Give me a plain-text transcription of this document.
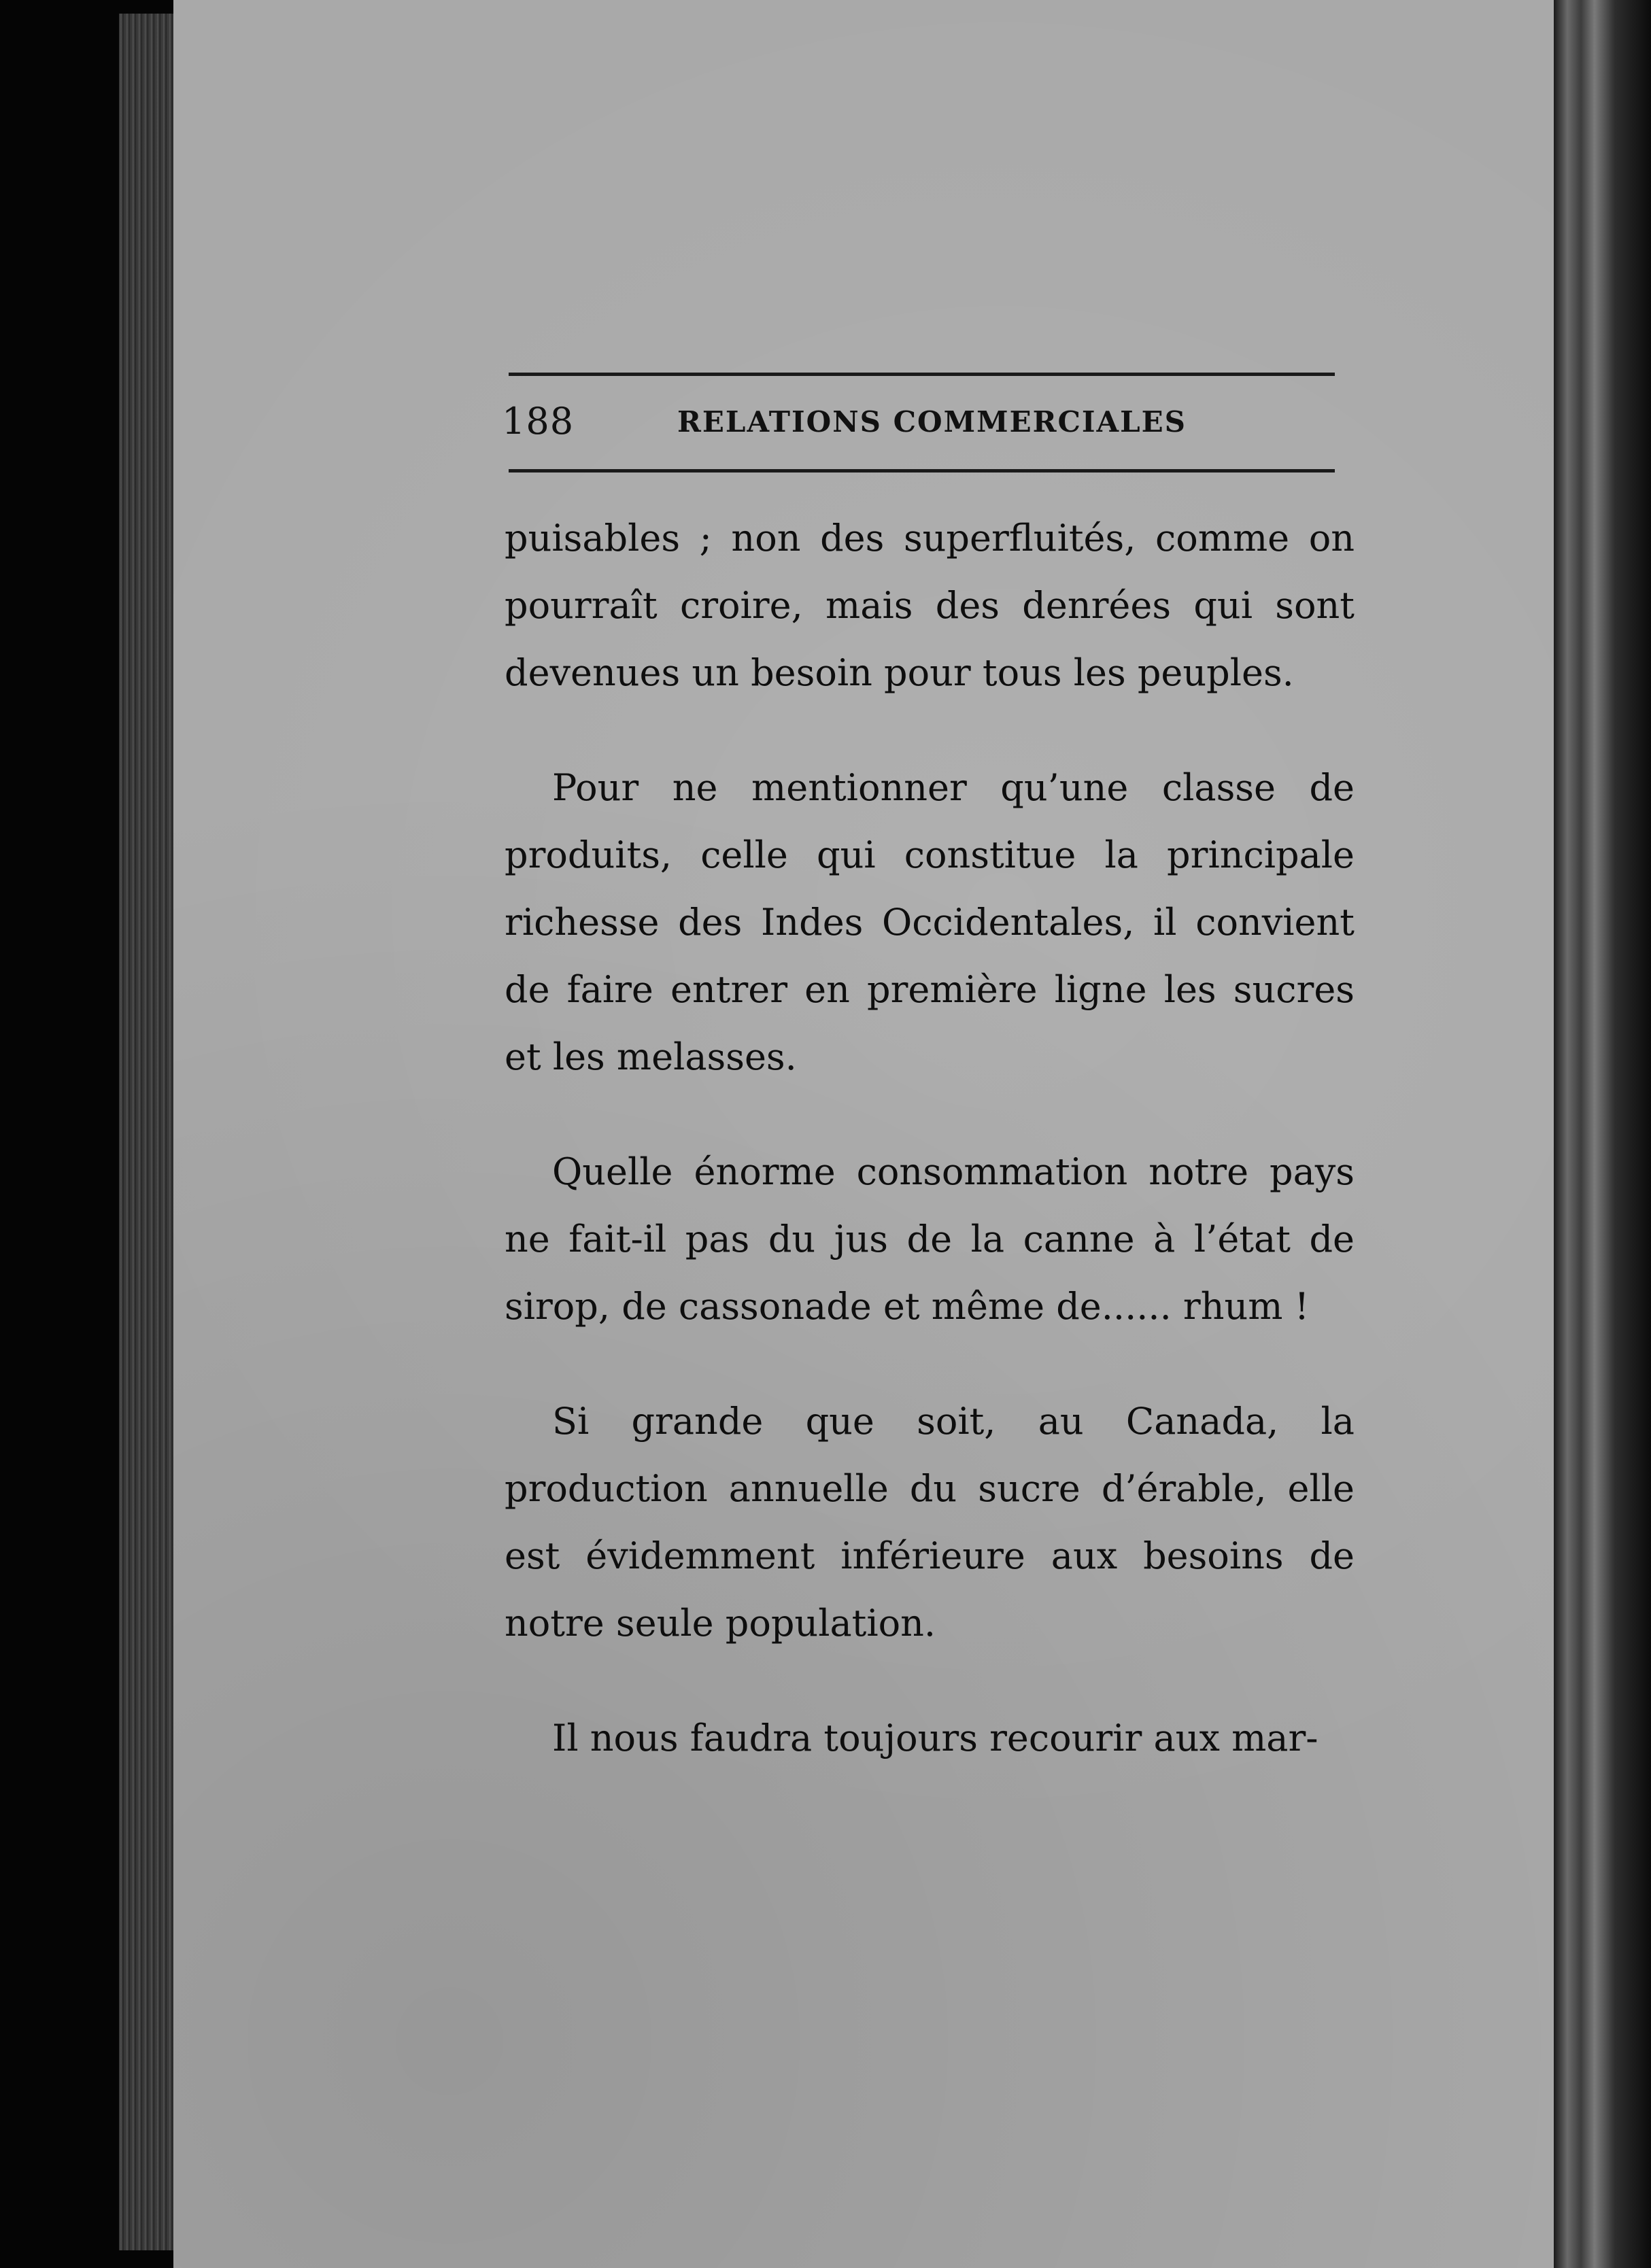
188	RELATIONS COMMERCIALES

puisables ; non des superfluités, comme on pourraît croire, mais des denrées qui sont devenues un besoin pour tous les peuples.

Pour ne mentionner qu’une classe de produits, celle qui constitue la principale richesse des Indes Occidentales, il convient de faire entrer en première ligne les sucres et les melasses.

Quelle énorme consommation notre pays ne fait-il pas du jus de la canne à l’état de sirop, de cassonade et même de...... rhum !

Si grande que soit, au Canada, la production annuelle du sucre d’érable, elle est évidemment inférieure aux besoins de notre seule population.

Il nous faudra toujours recourir aux mar-
